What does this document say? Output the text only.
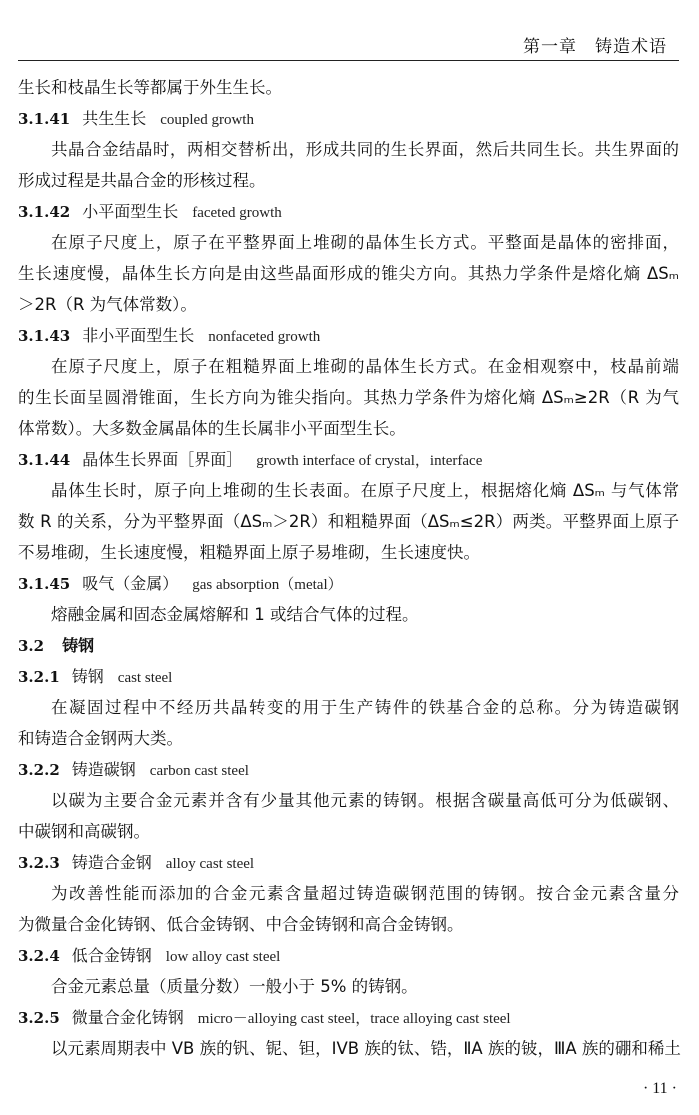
第一章　铸造术语
生长和枝晶生长等都属于外生生长。
3.1.41 共生生长 coupled growth
共晶合金结晶时，两相交替析出，形成共同的生长界面，然后共同生长。共生界面的
形成过程是共晶合金的形核过程。
3.1.42 小平面型生长 faceted growth
在原子尺度上，原子在平整界面上堆砌的晶体生长方式。平整面是晶体的密排面，
生长速度慢，晶体生长方向是由这些晶面形成的锥尖方向。其热力学条件是熔化熵 ΔSₘ
＞2R（R 为气体常数）。
3.1.43 非小平面型生长 nonfaceted growth
在原子尺度上，原子在粗糙界面上堆砌的晶体生长方式。在金相观察中，枝晶前端
的生长面呈圆滑锥面，生长方向为锥尖指向。其热力学条件为熔化熵 ΔSₘ≥2R（R 为气
体常数）。大多数金属晶体的生长属非小平面型生长。
3.1.44 晶体生长界面［界面］ growth interface of crystal，interface
晶体生长时，原子向上堆砌的生长表面。在原子尺度上，根据熔化熵 ΔSₘ 与气体常
数 R 的关系，分为平整界面（ΔSₘ＞2R）和粗糙界面（ΔSₘ≤2R）两类。平整界面上原子
不易堆砌，生长速度慢，粗糙界面上原子易堆砌，生长速度快。
3.1.45 吸气（金属） gas absorption（metal）
熔融金属和固态金属熔解和 1 或结合气体的过程。
3.2 铸钢
3.2.1 铸钢 cast steel
在凝固过程中不经历共晶转变的用于生产铸件的铁基合金的总称。分为铸造碳钢
和铸造合金钢两大类。
3.2.2 铸造碳钢 carbon cast steel
以碳为主要合金元素并含有少量其他元素的铸钢。根据含碳量高低可分为低碳钢、
中碳钢和高碳钢。
3.2.3 铸造合金钢 alloy cast steel
为改善性能而添加的合金元素含量超过铸造碳钢范围的铸钢。按合金元素含量分
为微量合金化铸钢、低合金铸钢、中合金铸钢和高合金铸钢。
3.2.4 低合金铸钢 low alloy cast steel
合金元素总量（质量分数）一般小于 5% 的铸钢。
3.2.5 微量合金化铸钢 micro－alloying cast steel，trace alloying cast steel
以元素周期表中 VB 族的钒、铌、钽，IVB 族的钛、锆，ⅡA 族的铍，ⅢA 族的硼和稀土
· 11 ·
